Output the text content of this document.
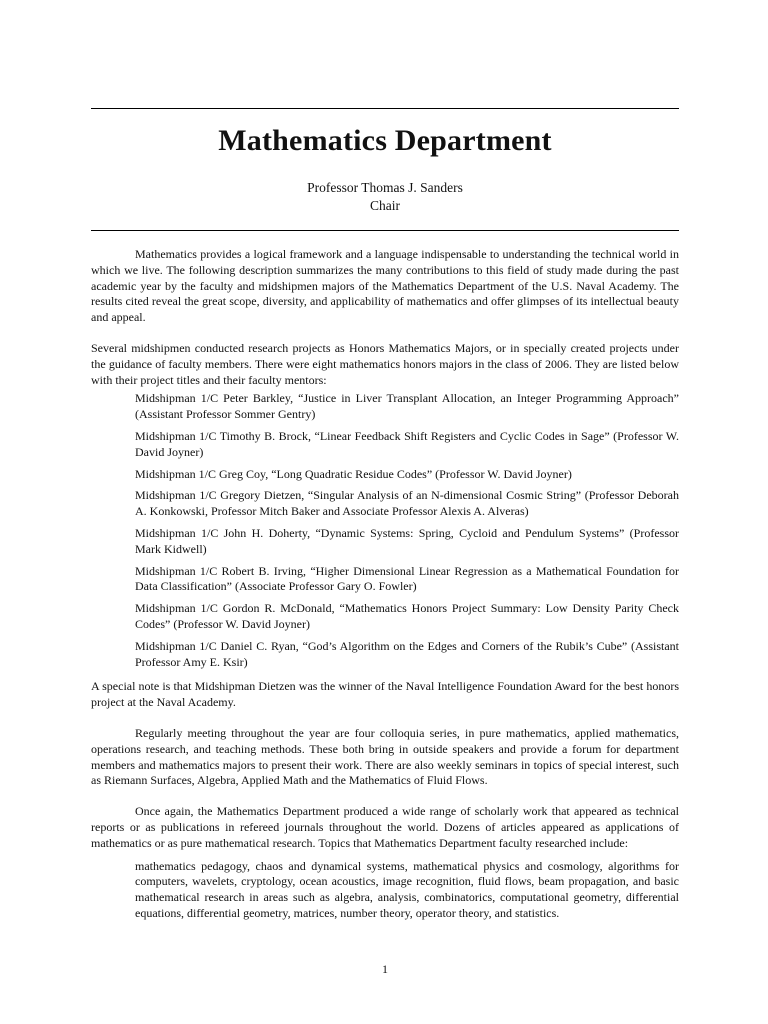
Mathematics Department
Professor Thomas J. Sanders
Chair

Mathematics provides a logical framework and a language indispensable to understanding the technical world in which we live. The following description summarizes the many contributions to this field of study made during the past academic year by the faculty and midshipmen majors of the Mathematics Department of the U.S. Naval Academy. The results cited reveal the great scope, diversity, and applicability of mathematics and offer glimpses of its intellectual beauty and appeal.

Several midshipmen conducted research projects as Honors Mathematics Majors, or in specially created projects under the guidance of faculty members. There were eight mathematics honors majors in the class of 2006. They are listed below with their project titles and their faculty mentors:

Midshipman 1/C Peter Barkley, “Justice in Liver Transplant Allocation, an Integer Programming Approach” (Assistant Professor Sommer Gentry)
Midshipman 1/C Timothy B. Brock, “Linear Feedback Shift Registers and Cyclic Codes in Sage” (Professor W. David Joyner)
Midshipman 1/C Greg Coy, “Long Quadratic Residue Codes” (Professor W. David Joyner)
Midshipman 1/C Gregory Dietzen, “Singular Analysis of an N-dimensional Cosmic String” (Professor Deborah A. Konkowski, Professor Mitch Baker and Associate Professor Alexis A. Alveras)
Midshipman 1/C John H. Doherty, “Dynamic Systems: Spring, Cycloid and Pendulum Systems” (Professor Mark Kidwell)
Midshipman 1/C Robert B. Irving, “Higher Dimensional Linear Regression as a Mathematical Foundation for Data Classification” (Associate Professor Gary O. Fowler)
Midshipman 1/C Gordon R. McDonald, “Mathematics Honors Project Summary: Low Density Parity Check Codes” (Professor W. David Joyner)
Midshipman 1/C Daniel C. Ryan, “God’s Algorithm on the Edges and Corners of the Rubik’s Cube” (Assistant Professor Amy E. Ksir)

A special note is that Midshipman Dietzen was the winner of the Naval Intelligence Foundation Award for the best honors project at the Naval Academy.

Regularly meeting throughout the year are four colloquia series, in pure mathematics, applied mathematics, operations research, and teaching methods. These both bring in outside speakers and provide a forum for department members and mathematics majors to present their work. There are also weekly seminars in topics of special interest, such as Riemann Surfaces, Algebra, Applied Math and the Mathematics of Fluid Flows.

Once again, the Mathematics Department produced a wide range of scholarly work that appeared as technical reports or as publications in refereed journals throughout the world. Dozens of articles appeared as applications of mathematics or as pure mathematical research. Topics that Mathematics Department faculty researched include:

mathematics pedagogy, chaos and dynamical systems, mathematical physics and cosmology, algorithms for computers, wavelets, cryptology, ocean acoustics, image recognition, fluid flows, beam propagation, and basic mathematical research in areas such as algebra, analysis, combinatorics, computational geometry, differential equations, differential geometry, matrices, number theory, operator theory, and statistics.

1
